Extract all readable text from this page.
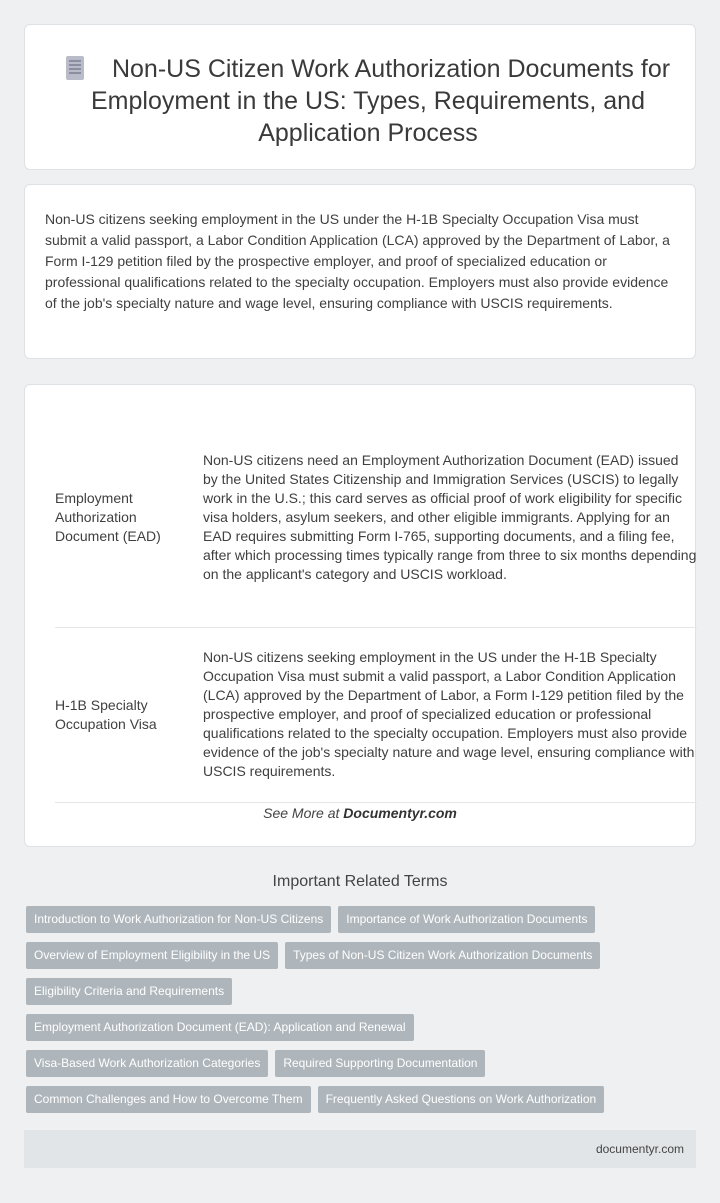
Non-US Citizen Work Authorization Documents for Employment in the US: Types, Requirements, and Application Process

Non-US citizens seeking employment in the US under the H-1B Specialty Occupation Visa must submit a valid passport, a Labor Condition Application (LCA) approved by the Department of Labor, a Form I-129 petition filed by the prospective employer, and proof of specialized education or professional qualifications related to the specialty occupation. Employers must also provide evidence of the job's specialty nature and wage level, ensuring compliance with USCIS requirements.

Employment Authorization Document (EAD)	Non-US citizens need an Employment Authorization Document (EAD) issued by the United States Citizenship and Immigration Services (USCIS) to legally work in the U.S.; this card serves as official proof of work eligibility for specific visa holders, asylum seekers, and other eligible immigrants. Applying for an EAD requires submitting Form I-765, supporting documents, and a filing fee, after which processing times typically range from three to six months depending on the applicant's category and USCIS workload.
H-1B Specialty Occupation Visa	Non-US citizens seeking employment in the US under the H-1B Specialty Occupation Visa must submit a valid passport, a Labor Condition Application (LCA) approved by the Department of Labor, a Form I-129 petition filed by the prospective employer, and proof of specialized education or professional qualifications related to the specialty occupation. Employers must also provide evidence of the job's specialty nature and wage level, ensuring compliance with USCIS requirements.
See More at Documentyr.com
Important Related Terms
Introduction to Work Authorization for Non-US Citizens Importance of Work Authorization Documents
Overview of Employment Eligibility in the US Types of Non-US Citizen Work Authorization Documents
Eligibility Criteria and Requirements
Employment Authorization Document (EAD): Application and Renewal
Visa-Based Work Authorization Categories Required Supporting Documentation
Common Challenges and How to Overcome Them Frequently Asked Questions on Work Authorization
documentyr.com
